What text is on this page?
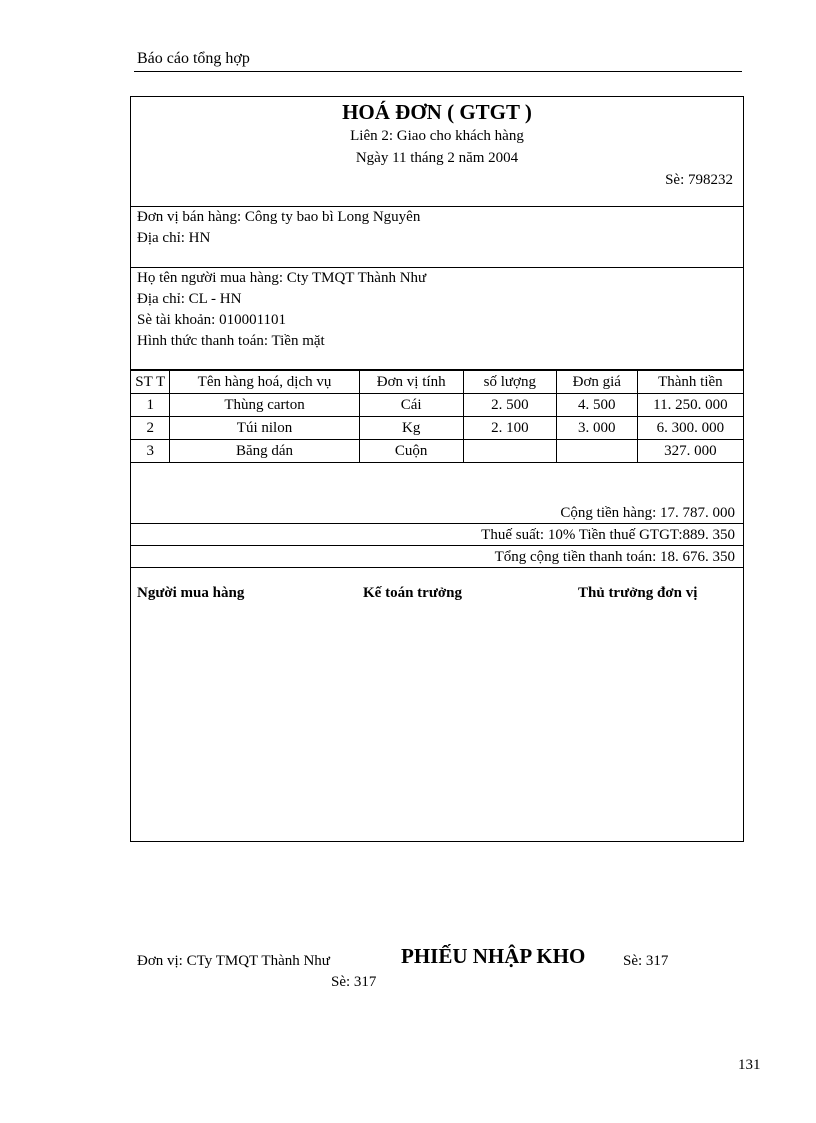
Báo cáo tổng hợp
HOÁ ĐƠN ( GTGT )
Liên 2: Giao cho khách hàng
Ngày 11 tháng 2 năm 2004
Sè: 798232
Đơn vị bán hàng: Công ty bao bì Long Nguyên
Địa chỉ: HN
Họ tên người mua hàng: Cty TMQT Thành Như
Địa chỉ: CL - HN
Sè tài khoản: 010001101
Hình thức thanh toán: Tiền mặt
ST T	Tên hàng hoá, dịch vụ	Đơn vị tính	số lượng	Đơn giá	Thành tiền
1	Thùng carton	Cái	2. 500	4. 500	11. 250. 000
2	Túi nilon	Kg	2. 100	3. 000	6. 300. 000
3	Băng dán	Cuộn			327. 000
Cộng tiền hàng: 17. 787. 000
Thuế suất: 10% Tiền thuế GTGT:889. 350
Tổng cộng tiền thanh toán: 18. 676. 350
Người mua hàng	Kế toán trưởng	Thủ trưởng đơn vị
Đơn vị: CTy TMQT Thành Như	PHIẾU NHẬP KHO	Sè: 317
Sè: 317
131
